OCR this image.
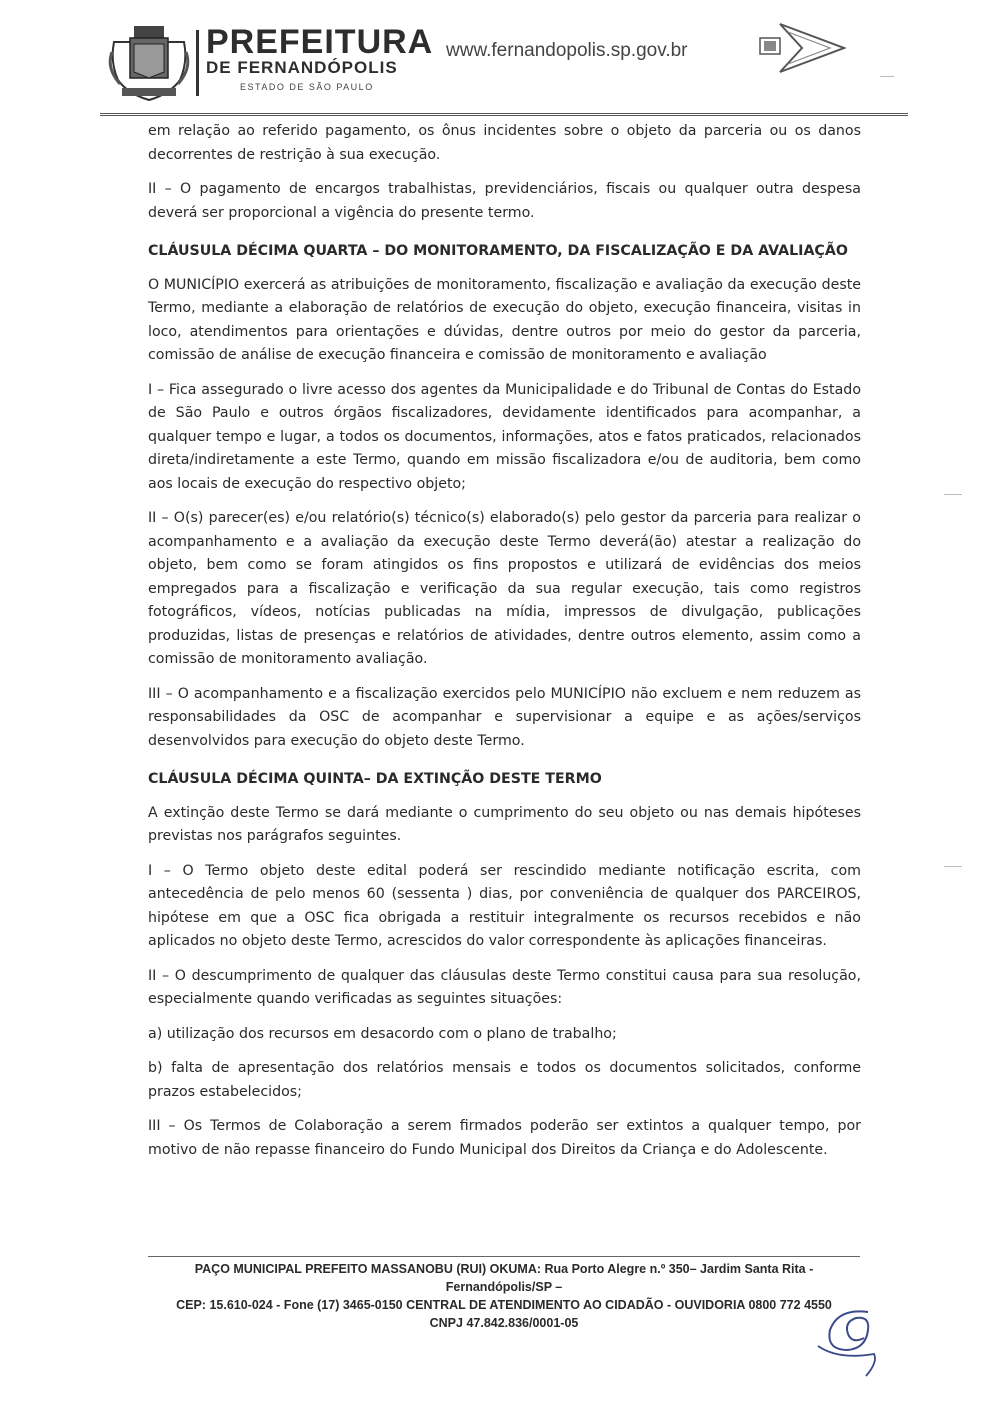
PREFEITURA
DE FERNANDÓPOLIS
ESTADO DE SÃO PAULO
www.fernandopolis.sp.gov.br

em relação ao referido pagamento, os ônus incidentes sobre o objeto da parceria ou os danos decorrentes de restrição à sua execução.

II – O pagamento de encargos trabalhistas, previdenciários, fiscais ou qualquer outra despesa deverá ser proporcional a vigência do presente termo.

CLÁUSULA DÉCIMA QUARTA – DO MONITORAMENTO, DA FISCALIZAÇÃO E DA AVALIAÇÃO

O MUNICÍPIO exercerá as atribuições de monitoramento, fiscalização e avaliação da execução deste Termo, mediante a elaboração de relatórios de execução do objeto, execução financeira, visitas in loco, atendimentos para orientações e dúvidas, dentre outros por meio do gestor da parceria, comissão de análise de execução financeira e comissão de monitoramento e avaliação

I – Fica assegurado o livre acesso dos agentes da Municipalidade e do Tribunal de Contas do Estado de São Paulo e outros órgãos fiscalizadores, devidamente identificados para acompanhar, a qualquer tempo e lugar, a todos os documentos, informações, atos e fatos praticados, relacionados direta/indiretamente a este Termo, quando em missão fiscalizadora e/ou de auditoria, bem como aos locais de execução do respectivo objeto;

II – O(s) parecer(es) e/ou relatório(s) técnico(s) elaborado(s) pelo gestor da parceria para realizar o acompanhamento e a avaliação da execução deste Termo deverá(ão) atestar a realização do objeto, bem como se foram atingidos os fins propostos e utilizará de evidências dos meios empregados para a fiscalização e verificação da sua regular execução, tais como registros fotográficos, vídeos, notícias publicadas na mídia, impressos de divulgação, publicações produzidas, listas de presenças e relatórios de atividades, dentre outros elemento, assim como a comissão de monitoramento avaliação.

III – O acompanhamento e a fiscalização exercidos pelo MUNICÍPIO não excluem e nem reduzem as responsabilidades da OSC de acompanhar e supervisionar a equipe e as ações/serviços desenvolvidos para execução do objeto deste Termo.

CLÁUSULA DÉCIMA QUINTA– DA EXTINÇÃO DESTE TERMO

A extinção deste Termo se dará mediante o cumprimento do seu objeto ou nas demais hipóteses previstas nos parágrafos seguintes.

I – O Termo objeto deste edital poderá ser rescindido mediante notificação escrita, com antecedência de pelo menos 60 (sessenta ) dias, por conveniência de qualquer dos PARCEIROS, hipótese em que a OSC fica obrigada a restituir integralmente os recursos recebidos e não aplicados no objeto deste Termo, acrescidos do valor correspondente às aplicações financeiras.

II – O descumprimento de qualquer das cláusulas deste Termo constitui causa para sua resolução, especialmente quando verificadas as seguintes situações:

a) utilização dos recursos em desacordo com o plano de trabalho;

b) falta de apresentação dos relatórios mensais e todos os documentos solicitados, conforme prazos estabelecidos;

III – Os Termos de Colaboração a serem firmados poderão ser extintos a qualquer tempo, por motivo de não repasse financeiro do Fundo Municipal dos Direitos da Criança e do Adolescente.

PAÇO MUNICIPAL PREFEITO MASSANOBU (RUI) OKUMA: Rua Porto Alegre n.º 350– Jardim Santa Rita - Fernandópolis/SP –
CEP: 15.610-024 - Fone (17) 3465-0150 CENTRAL DE ATENDIMENTO AO CIDADÃO - OUVIDORIA 0800 772 4550
CNPJ 47.842.836/0001-05
